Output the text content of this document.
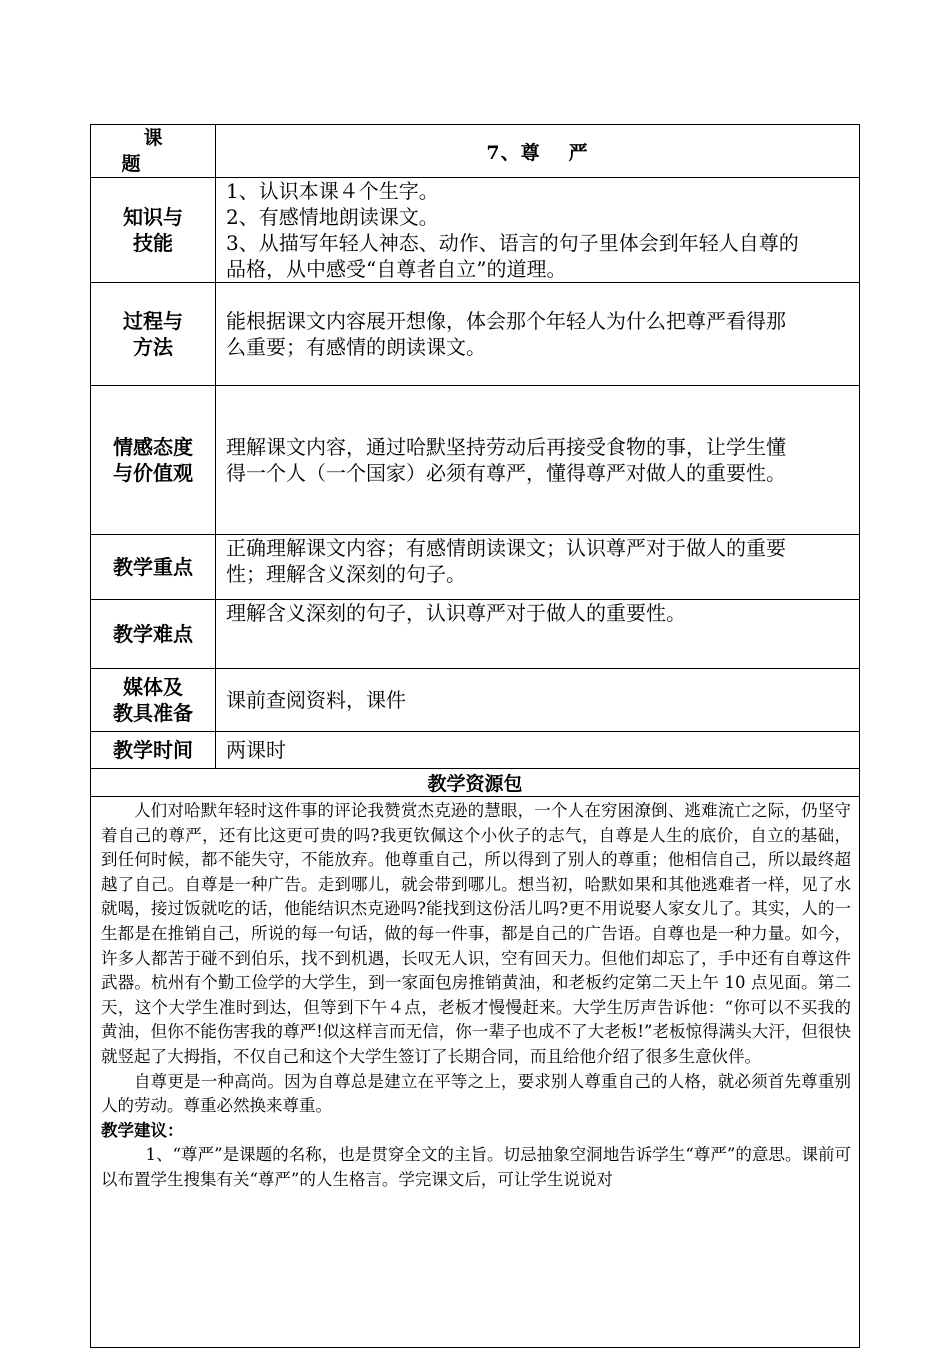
课题	7、尊 严

知识与
技能	1、认识本课４个生字。
2、有感情地朗读课文。
3、从描写年轻人神态、动作、语言的句子里体会到年轻人自尊的
品格，从中感受“自尊者自立”的道理。

过程与
方法	能根据课文内容展开想像，体会那个年轻人为什么把尊严看得那
么重要；有感情的朗读课文。

情感态度
与价值观	理解课文内容，通过哈默坚持劳动后再接受食物的事，让学生懂
得一个人（一个国家）必须有尊严，懂得尊严对做人的重要性。

教学重点	正确理解课文内容；有感情朗读课文；认识尊严对于做人的重要
性；理解含义深刻的句子。

教学难点	理解含义深刻的句子，认识尊严对于做人的重要性。

媒体及
教具准备	课前查阅资料，课件
教学时间	两课时
教学资源包	

人们对哈默年轻时这件事的评论我赞赏杰克逊的慧眼，一个人在穷困潦倒、逃难流亡之际，仍坚守着自己的尊严，还有比这更可贵的吗?我更钦佩这个小伙子的志气，自尊是人生的底价，自立的基础，到任何时候，都不能失守，不能放弃。他尊重自己，所以得到了别人的尊重；他相信自己，所以最终超越了自己。自尊是一种广告。走到哪儿，就会带到哪儿。想当初，哈默如果和其他逃难者一样，见了水就喝，接过饭就吃的话，他能结识杰克逊吗?能找到这份活儿吗?更不用说娶人家女儿了。其实，人的一生都是在推销自己，所说的每一句话，做的每一件事，都是自己的广告语。自尊也是一种力量。如今，许多人都苦于碰不到伯乐，找不到机遇，长叹无人识，空有回天力。但他们却忘了，手中还有自尊这件武器。杭州有个勤工俭学的大学生，到一家面包房推销黄油，和老板约定第二天上午 10 点见面。第二天，这个大学生准时到达，但等到下午４点，老板才慢慢赶来。大学生厉声告诉他：“你可以不买我的黄油，但你不能伤害我的尊严!似这样言而无信，你一辈子也成不了大老板!”老板惊得满头大汗，但很快就竖起了大拇指，不仅自己和这个大学生签订了长期合同，而且给他介绍了很多生意伙伴。

自尊更是一种高尚。因为自尊总是建立在平等之上，要求别人尊重自己的人格，就必须首先尊重别人的劳动。尊重必然换来尊重。

教学建议：

1、“尊严”是课题的名称，也是贯穿全文的主旨。切忌抽象空洞地告诉学生“尊严”的意思。课前可以布置学生搜集有关“尊严”的人生格言。学完课文后，可让学生说说对	
